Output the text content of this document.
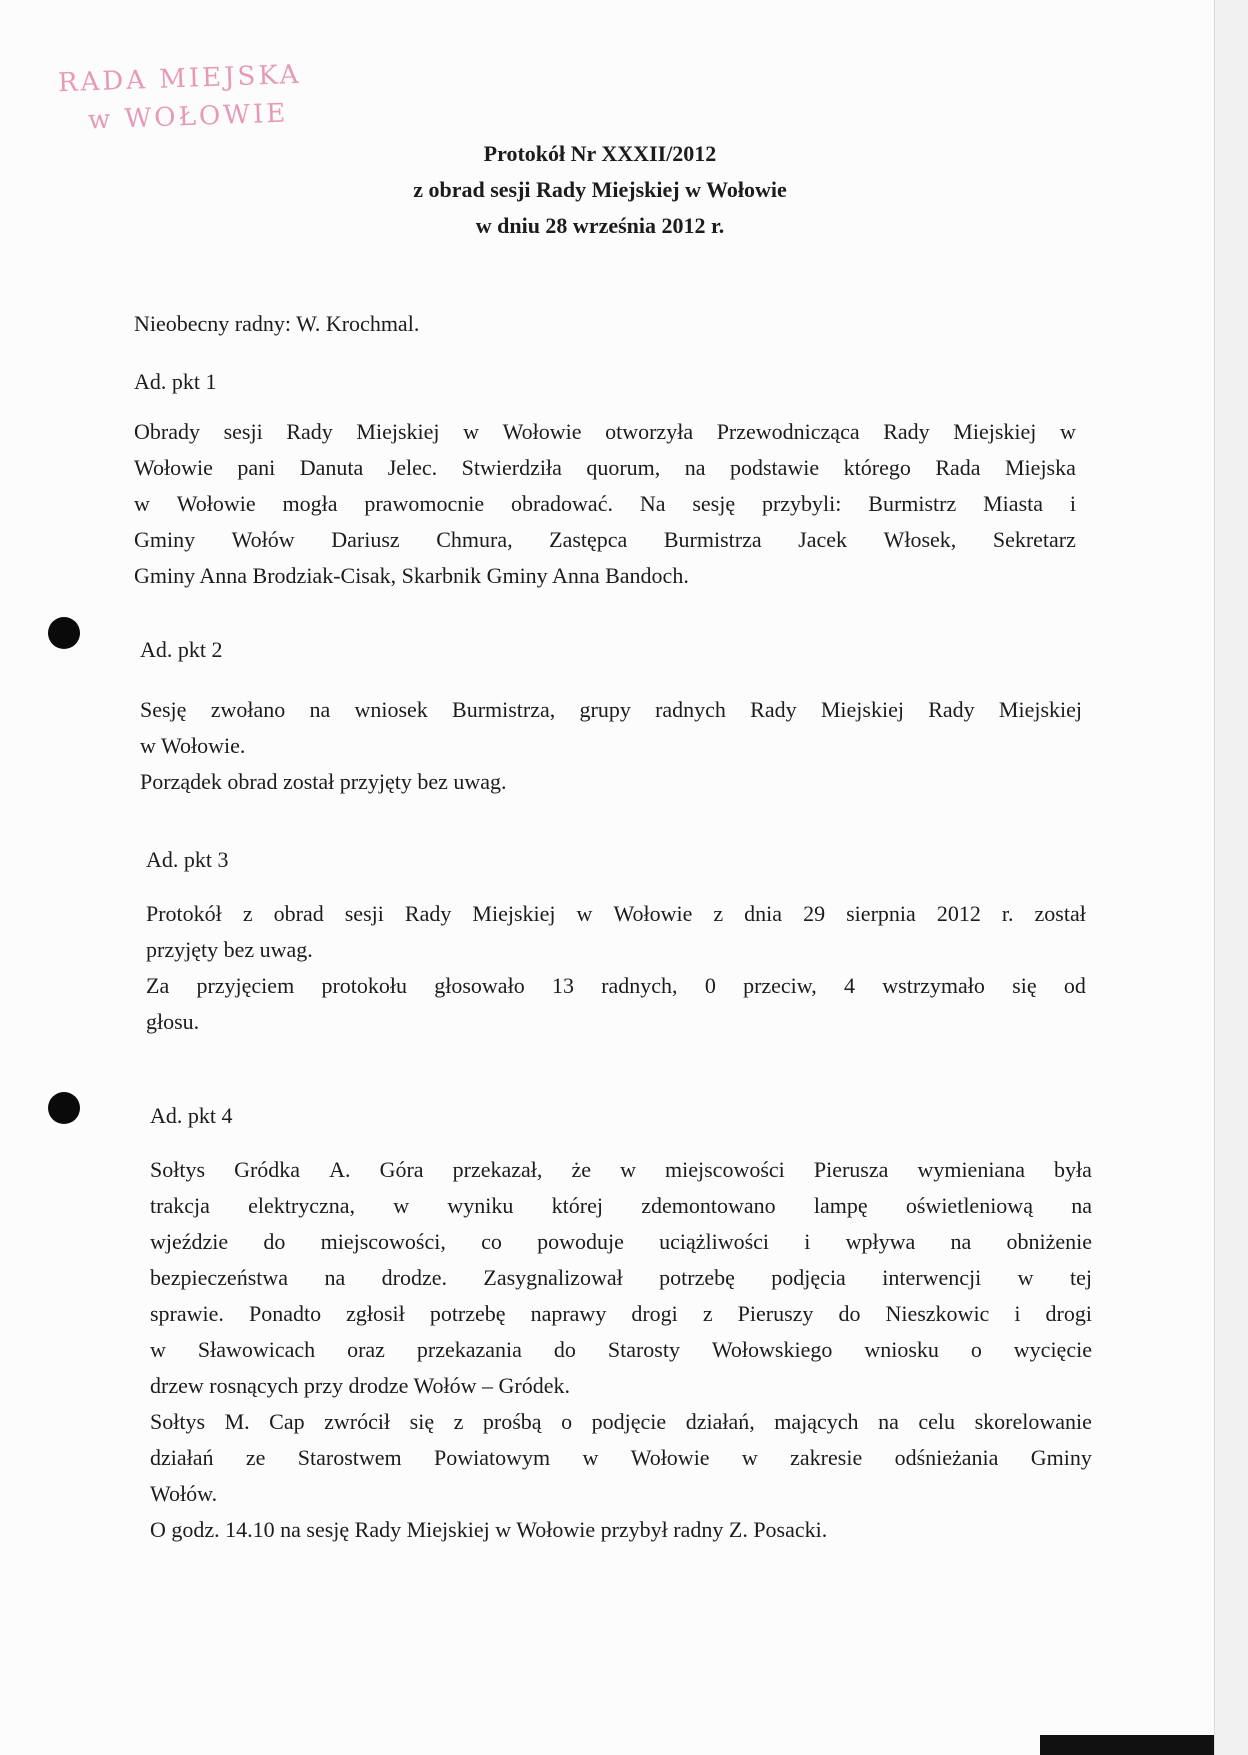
RADA MIEJSKA
w WOŁOWIE
Protokół Nr XXXII/2012
z obrad sesji Rady Miejskiej w Wołowie
w dniu 28 września 2012 r.
Nieobecny radny: W. Krochmal.
Ad. pkt 1
Obrady sesji Rady Miejskiej w Wołowie otworzyła Przewodnicząca Rady Miejskiej w
Wołowie pani Danuta Jelec. Stwierdziła quorum, na podstawie którego Rada Miejska
w Wołowie mogła prawomocnie obradować. Na sesję przybyli: Burmistrz Miasta i
Gminy Wołów Dariusz Chmura, Zastępca Burmistrza Jacek Włosek, Sekretarz
Gminy Anna Brodziak-Cisak, Skarbnik Gminy Anna Bandoch.
Ad. pkt 2
Sesję zwołano na wniosek Burmistrza, grupy radnych Rady Miejskiej Rady Miejskiej
w Wołowie.
Porządek obrad został przyjęty bez uwag.
Ad. pkt 3
Protokół z obrad sesji Rady Miejskiej w Wołowie z dnia 29 sierpnia 2012 r. został
przyjęty bez uwag.
Za przyjęciem protokołu głosowało 13 radnych, 0 przeciw, 4 wstrzymało się od
głosu.
Ad. pkt 4
Sołtys Gródka A. Góra przekazał, że w miejscowości Pierusza wymieniana była
trakcja elektryczna, w wyniku której zdemontowano lampę oświetleniową na
wjeździe do miejscowości, co powoduje uciążliwości i wpływa na obniżenie
bezpieczeństwa na drodze. Zasygnalizował potrzebę podjęcia interwencji w tej
sprawie. Ponadto zgłosił potrzebę naprawy drogi z Pieruszy do Nieszkowic i drogi
w Sławowicach oraz przekazania do Starosty Wołowskiego wniosku o wycięcie
drzew rosnących przy drodze Wołów – Gródek.
Sołtys M. Cap zwrócił się z prośbą o podjęcie działań, mających na celu skorelowanie
działań ze Starostwem Powiatowym w Wołowie w zakresie odśnieżania Gminy
Wołów.
O godz. 14.10 na sesję Rady Miejskiej w Wołowie przybył radny Z. Posacki.
